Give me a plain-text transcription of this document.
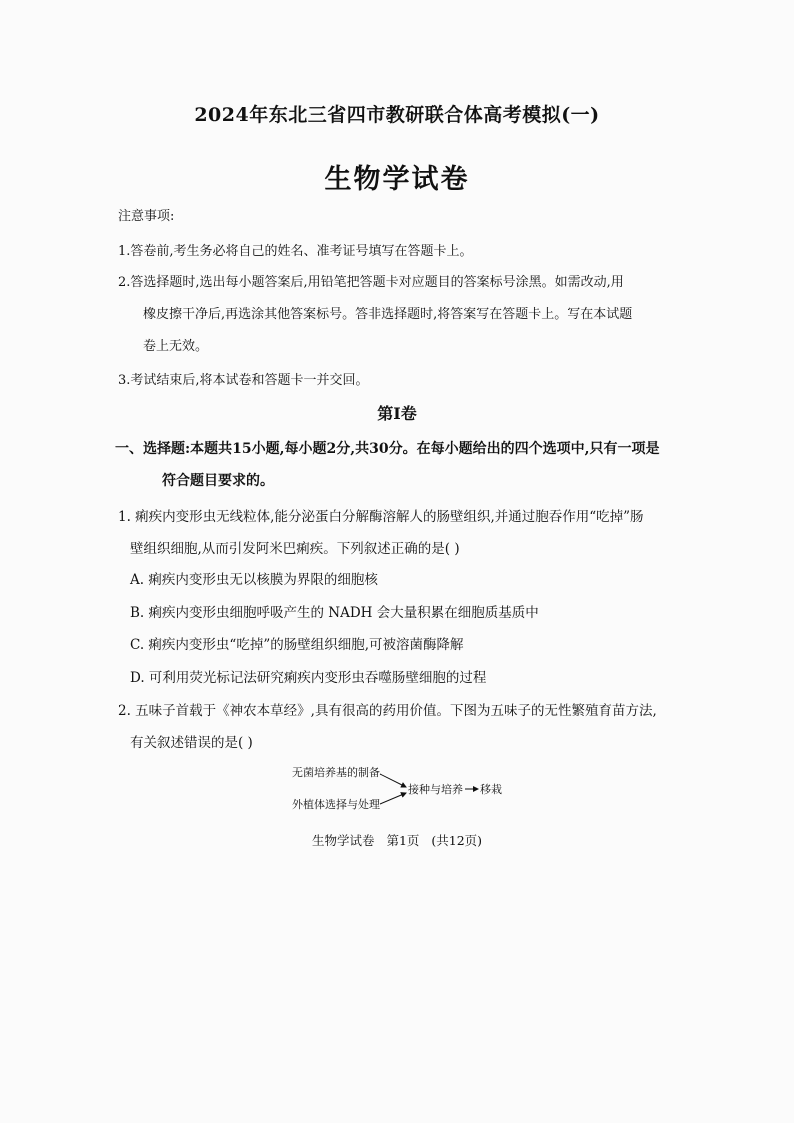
2024年东北三省四市教研联合体高考模拟(一)
生物学试卷
注意事项:
1.答卷前,考生务必将自己的姓名、准考证号填写在答题卡上。
2.答选择题时,选出每小题答案后,用铅笔把答题卡对应题目的答案标号涂黑。如需改动,用
橡皮擦干净后,再选涂其他答案标号。答非选择题时,将答案写在答题卡上。写在本试题
卷上无效。
3.考试结束后,将本试卷和答题卡一并交回。
第Ⅰ卷
一、选择题:本题共15小题,每小题2分,共30分。在每小题给出的四个选项中,只有一项是
符合题目要求的。
1. 痢疾内变形虫无线粒体,能分泌蛋白分解酶溶解人的肠壁组织,并通过胞吞作用“吃掉”肠
壁组织细胞,从而引发阿米巴痢疾。下列叙述正确的是( )
A. 痢疾内变形虫无以核膜为界限的细胞核
B. 痢疾内变形虫细胞呼吸产生的 NADH 会大量积累在细胞质基质中
C. 痢疾内变形虫“吃掉”的肠壁组织细胞,可被溶菌酶降解
D. 可利用荧光标记法研究痢疾内变形虫吞噬肠壁细胞的过程
2. 五味子首载于《神农本草经》,具有很高的药用价值。下图为五味子的无性繁殖育苗方法,
有关叙述错误的是( )
无菌培养基的制备
外植体选择与处理
接种与培养 移栽
生物学试卷 第1页 (共12页)
